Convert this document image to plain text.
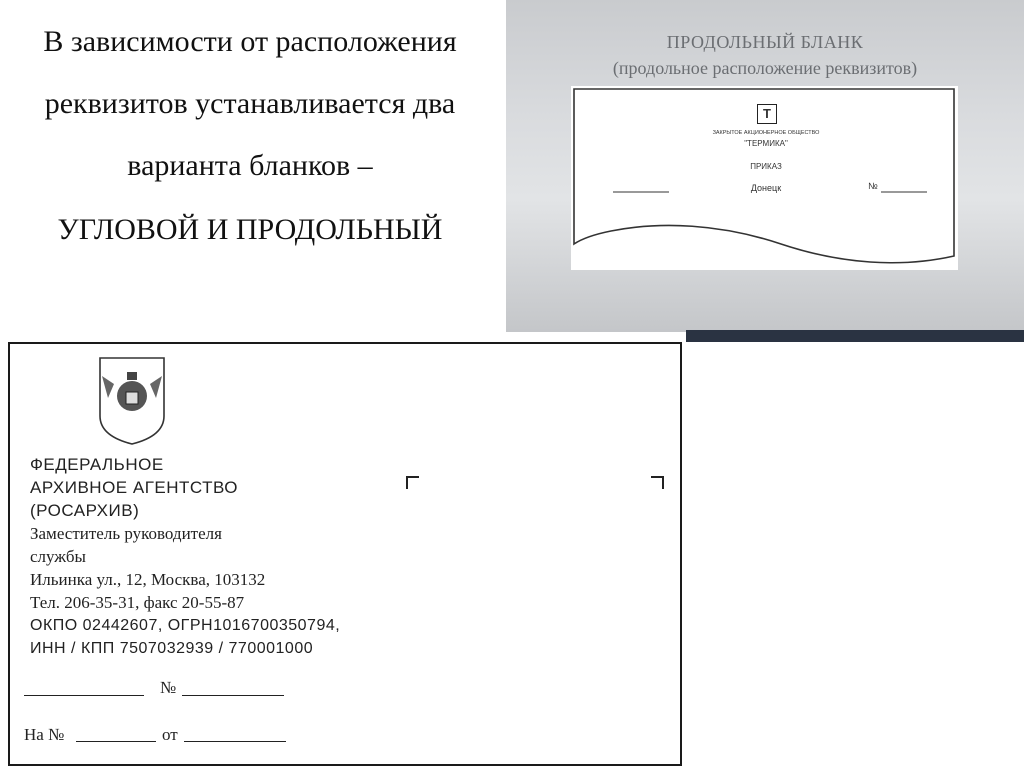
В зависимости от расположения
реквизитов устанавливается два
варианта бланков –
УГЛОВОЙ И ПРОДОЛЬНЫЙ
ПРОДОЛЬНЫЙ БЛАНК
(продольное расположение реквизитов)
Т
ЗАКРЫТОЕ АКЦИОНЕРНОЕ ОБЩЕСТВО
"ТЕРМИКА"
ПРИКАЗ
Донецк	№
ФЕДЕРАЛЬНОЕ
АРХИВНОЕ АГЕНТСТВО
(РОСАРХИВ)
Заместитель руководителя
службы
Ильинка ул., 12, Москва, 103132
Тел. 206-35-31, факс 20-55-87
ОКПО 02442607, ОГРН1016700350794,
ИНН / КПП 7507032939 / 770001000
№
На №	от
